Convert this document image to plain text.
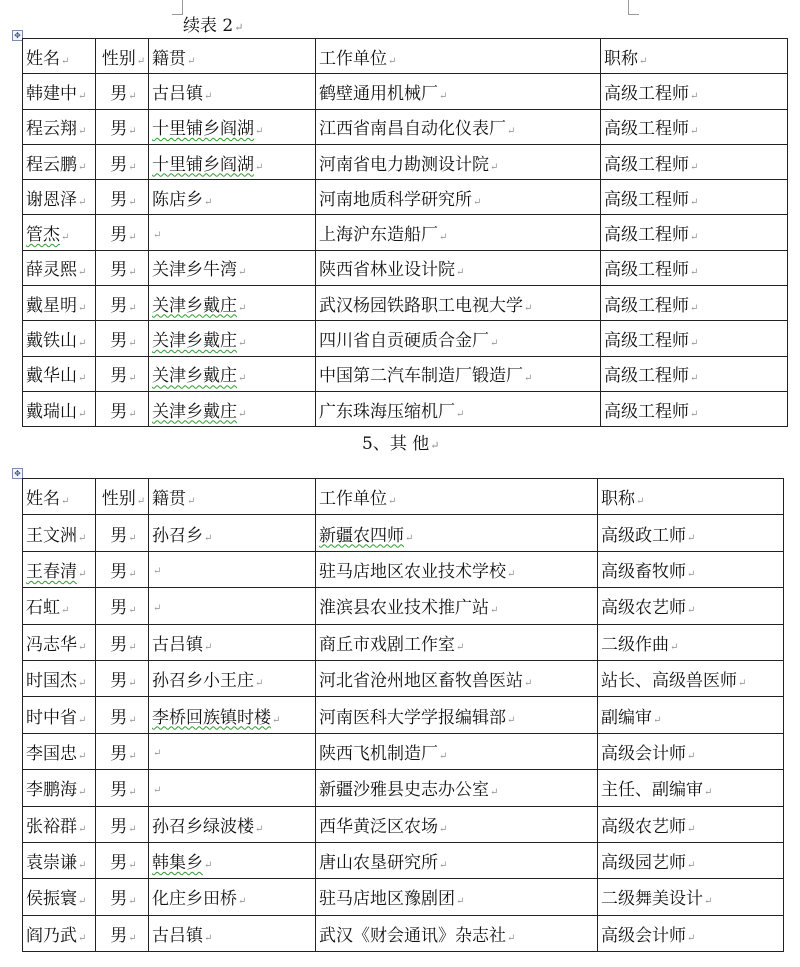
续表 2↵
✥
姓名↵	性别↵	籍贯↵	工作单位↵	职称↵
韩建中↵	男↵	古吕镇↵	鹤壁通用机械厂↵	高级工程师↵
程云翔↵	男↵	十里铺乡阎湖↵	江西省南昌自动化仪表厂↵	高级工程师↵
程云鹏↵	男↵	十里铺乡阎湖↵	河南省电力勘测设计院↵	高级工程师↵
谢恩泽↵	男↵	陈店乡↵	河南地质科学研究所↵	高级工程师↵
管杰↵	男↵	↵	上海沪东造船厂↵	高级工程师↵
薛灵熙↵	男↵	关津乡牛湾↵	陕西省林业设计院↵	高级工程师↵
戴星明↵	男↵	关津乡戴庄↵	武汉杨园铁路职工电视大学↵	高级工程师↵
戴铁山↵	男↵	关津乡戴庄↵	四川省自贡硬质合金厂↵	高级工程师↵
戴华山↵	男↵	关津乡戴庄↵	中国第二汽车制造厂锻造厂↵	高级工程师↵
戴瑞山↵	男↵	关津乡戴庄↵	广东珠海压缩机厂↵	高级工程师↵
5、其 他↵
✥
姓名↵	性别↵	籍贯↵	工作单位↵	职称↵
王文洲↵	男↵	孙召乡↵	新疆农四师↵	高级政工师↵
王春清↵	男↵	↵	驻马店地区农业技术学校↵	高级畜牧师↵
石虹↵	男↵	↵	淮滨县农业技术推广站↵	高级农艺师↵
冯志华↵	男↵	古吕镇↵	商丘市戏剧工作室↵	二级作曲↵
时国杰↵	男↵	孙召乡小王庄↵	河北省沧州地区畜牧兽医站↵	站长、高级兽医师↵
时中省↵	男↵	李桥回族镇时楼↵	河南医科大学学报编辑部↵	副编审↵
李国忠↵	男↵	↵	陕西飞机制造厂↵	高级会计师↵
李鹏海↵	男↵	↵	新疆沙雅县史志办公室↵	主任、副编审↵
张裕群↵	男↵	孙召乡绿波楼↵	西华黄泛区农场↵	高级农艺师↵
袁崇谦↵	男↵	韩集乡↵	唐山农垦研究所↵	高级园艺师↵
侯振寰↵	男↵	化庄乡田桥↵	驻马店地区豫剧团↵	二级舞美设计↵
阎乃武↵	男↵	古吕镇↵	武汉《财会通讯》杂志社↵	高级会计师↵
